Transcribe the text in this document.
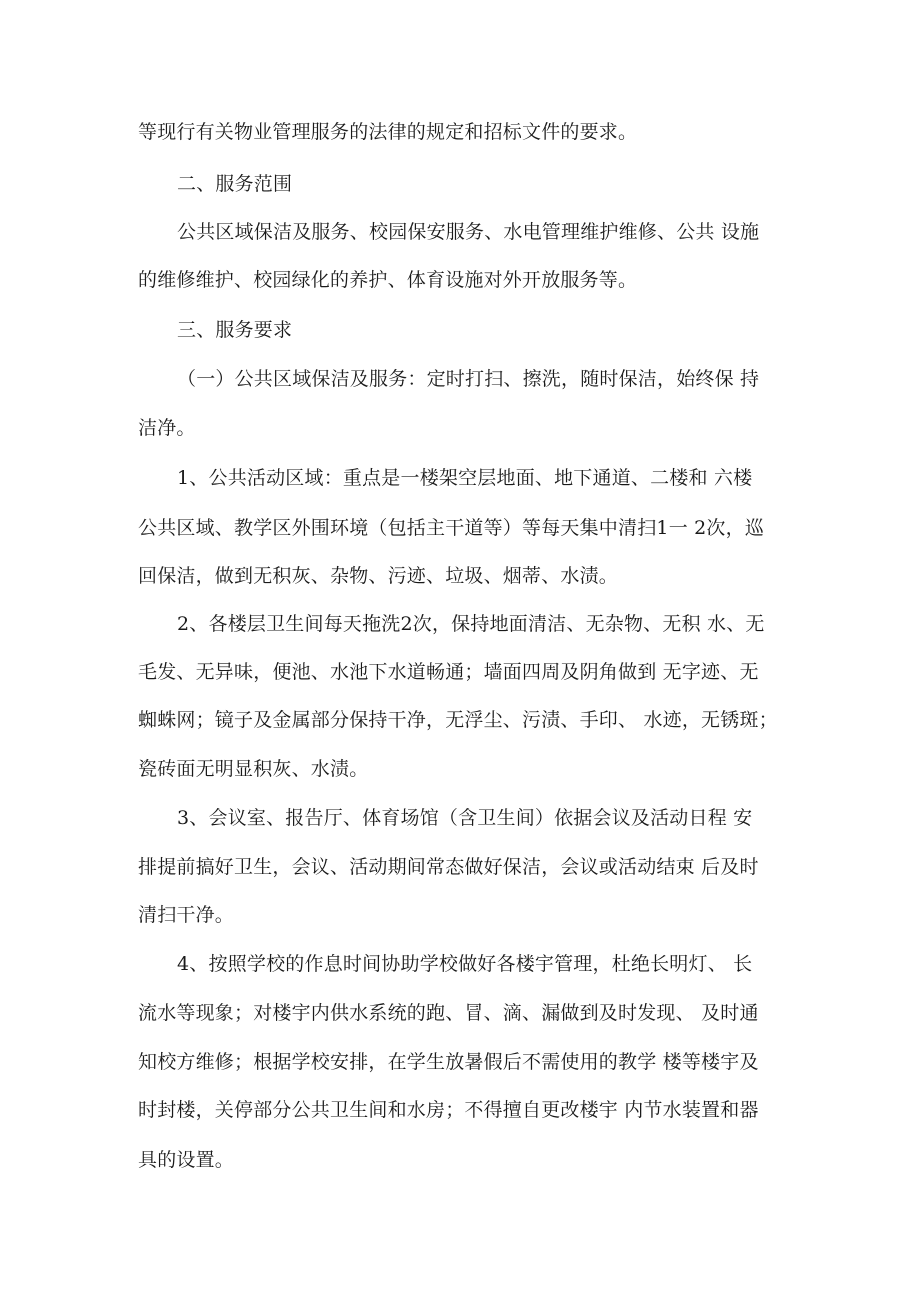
等现行有关物业管理服务的法律的规定和招标文件的要求。
二、服务范围
公共区域保洁及服务、校园保安服务、水电管理维护维修、公共 设施
的维修维护、校园绿化的养护、体育设施对外开放服务等。
三、服务要求
（一）公共区域保洁及服务：定时打扫、擦洗，随时保洁，始终保 持
洁净。
1、公共活动区域：重点是一楼架空层地面、地下通道、二楼和 六楼
公共区域、教学区外围环境（包括主干道等）等每天集中清扫1一 2次，巡
回保洁，做到无积灰、杂物、污迹、垃圾、烟蒂、水渍。
2、各楼层卫生间每天拖洗2次，保持地面清洁、无杂物、无积 水、无
毛发、无异味，便池、水池下水道畅通；墙面四周及阴角做到 无字迹、无
蜘蛛网；镜子及金属部分保持干净，无浮尘、污渍、手印、 水迹，无锈斑；
瓷砖面无明显积灰、水渍。
3、会议室、报告厅、体育场馆（含卫生间）依据会议及活动日程 安
排提前搞好卫生，会议、活动期间常态做好保洁，会议或活动结束 后及时
清扫干净。
4、按照学校的作息时间协助学校做好各楼宇管理，杜绝长明灯、 长
流水等现象；对楼宇内供水系统的跑、冒、滴、漏做到及时发现、 及时通
知校方维修；根据学校安排，在学生放暑假后不需使用的教学 楼等楼宇及
时封楼，关停部分公共卫生间和水房；不得擅自更改楼宇 内节水装置和器
具的设置。
